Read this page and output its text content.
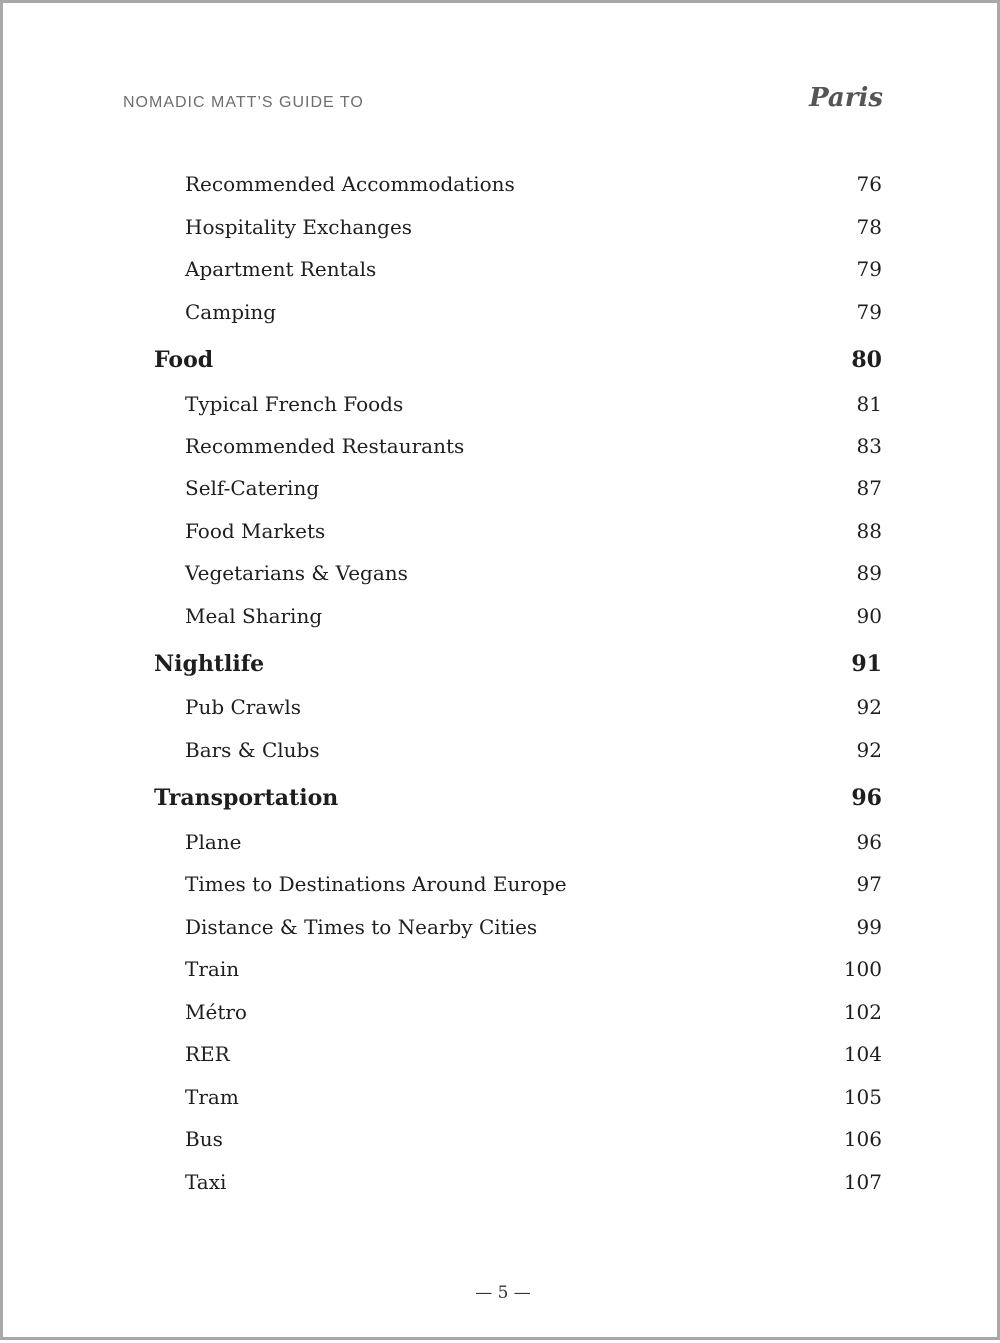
NOMADIC MATT’S GUIDE TO	Paris
Recommended Accommodations	76
Hospitality Exchanges	78
Apartment Rentals	79
Camping	79
Food	80
Typical French Foods	81
Recommended Restaurants	83
Self-Catering	87
Food Markets	88
Vegetarians & Vegans	89
Meal Sharing	90
Nightlife	91
Pub Crawls	92
Bars & Clubs	92
Transportation	96
Plane	96
Times to Destinations Around Europe	97
Distance & Times to Nearby Cities	99
Train	100
Métro	102
RER	104
Tram	105
Bus	106
Taxi	107
— 5 —
